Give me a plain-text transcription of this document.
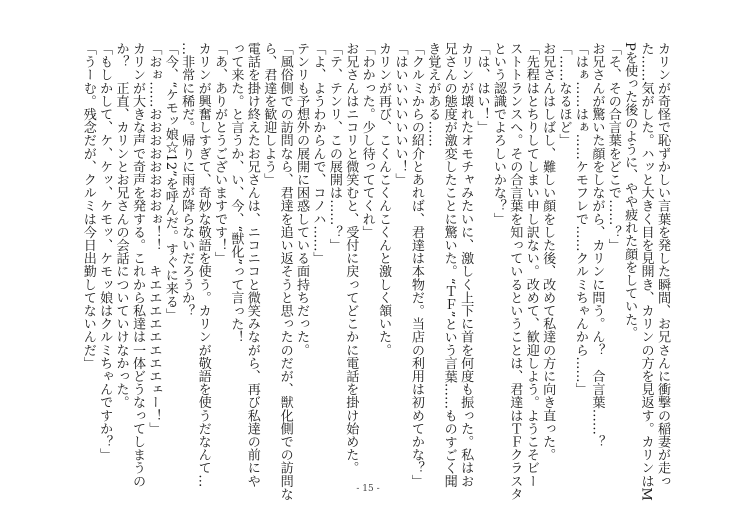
カリンが奇怪で恥ずかしい言葉を発した瞬間、お兄さんに衝撃の稲妻が走っ
た……気がした。ハッと大きく目を見開き、カリンの方を見返す。カリンはM
Pを使った後のように、やや疲れた顔をしていた。
「そ、その合言葉をどこで……？」
お兄さんが驚いた顔をしながら、カリンに問う。ん？　合言葉……？
「はぁ……はぁ……ケモフレで……クルミちゃんから……」
「……なるほど」
お兄さんはしばし、難しい顔をした後、改めて私達の方に向き直った。
「先程はとちりしてしまい申し訳ない。改めて、歓迎しよう。ようこそビー
ストトランスへ。その合言葉を知っているということは、君達はＴＦクラスタ
という認識でよろしいかな？」
「は、はい！」
カリンが壊れたオモチャみたいに、激しく上下に首を何度も振った。私はお
兄さんの態度が激変したことに驚いた。“ＴＦ”という言葉……ものすごく聞
き覚えがある……
「クルミからの紹介とあれば、君達は本物だ。当店の利用は初めてかな？」
「はいいいいいいい！」
カリンが再び、こくんこくんこくんと激しく頷いた。
「わかった。少し待っててくれ」
お兄さんはニコリと微笑むと、受付に戻ってどこかに電話を掛け始めた。
「テ、テンリ、この展開は……？」
「よ、ようわからんで、コノハ……」
テンリも予想外の展開に困惑している面持ちだった。
「風俗側での訪問なら、君達を追い返そうと思ったのだが、獣化側での訪問な
ら、君達を歓迎しよう」
電話を掛け終えたお兄さんは、ニコニコと微笑みながら、再び私達の前にや
って来た。と言うか、い、今、“獣化”って言った！
「あ、ありがとうございますです！」
カリンが興奮しすぎて、奇妙な敬語を使う。カリンが敬語を使うだなんて…
…非常に稀だ。帰りに雨が降らないだろうか？
「今、“ケモッ娘☆12”を呼んだ。すぐに来る」
「おぉ……おおおおおおおおぉ！！　キエエエエエエエエェー！」
カリンが大きな声で奇声を発する。これから私達は一体どうなってしまうの
か？　正直、カリンとお兄さんの会話についていけなかった。
「もしかして、ケ、ケッ、ケモッ、ケモッ娘はクルミちゃんですか？」
「うーむ。残念だが、クルミは今日出勤してないんだ」
- 15 -
